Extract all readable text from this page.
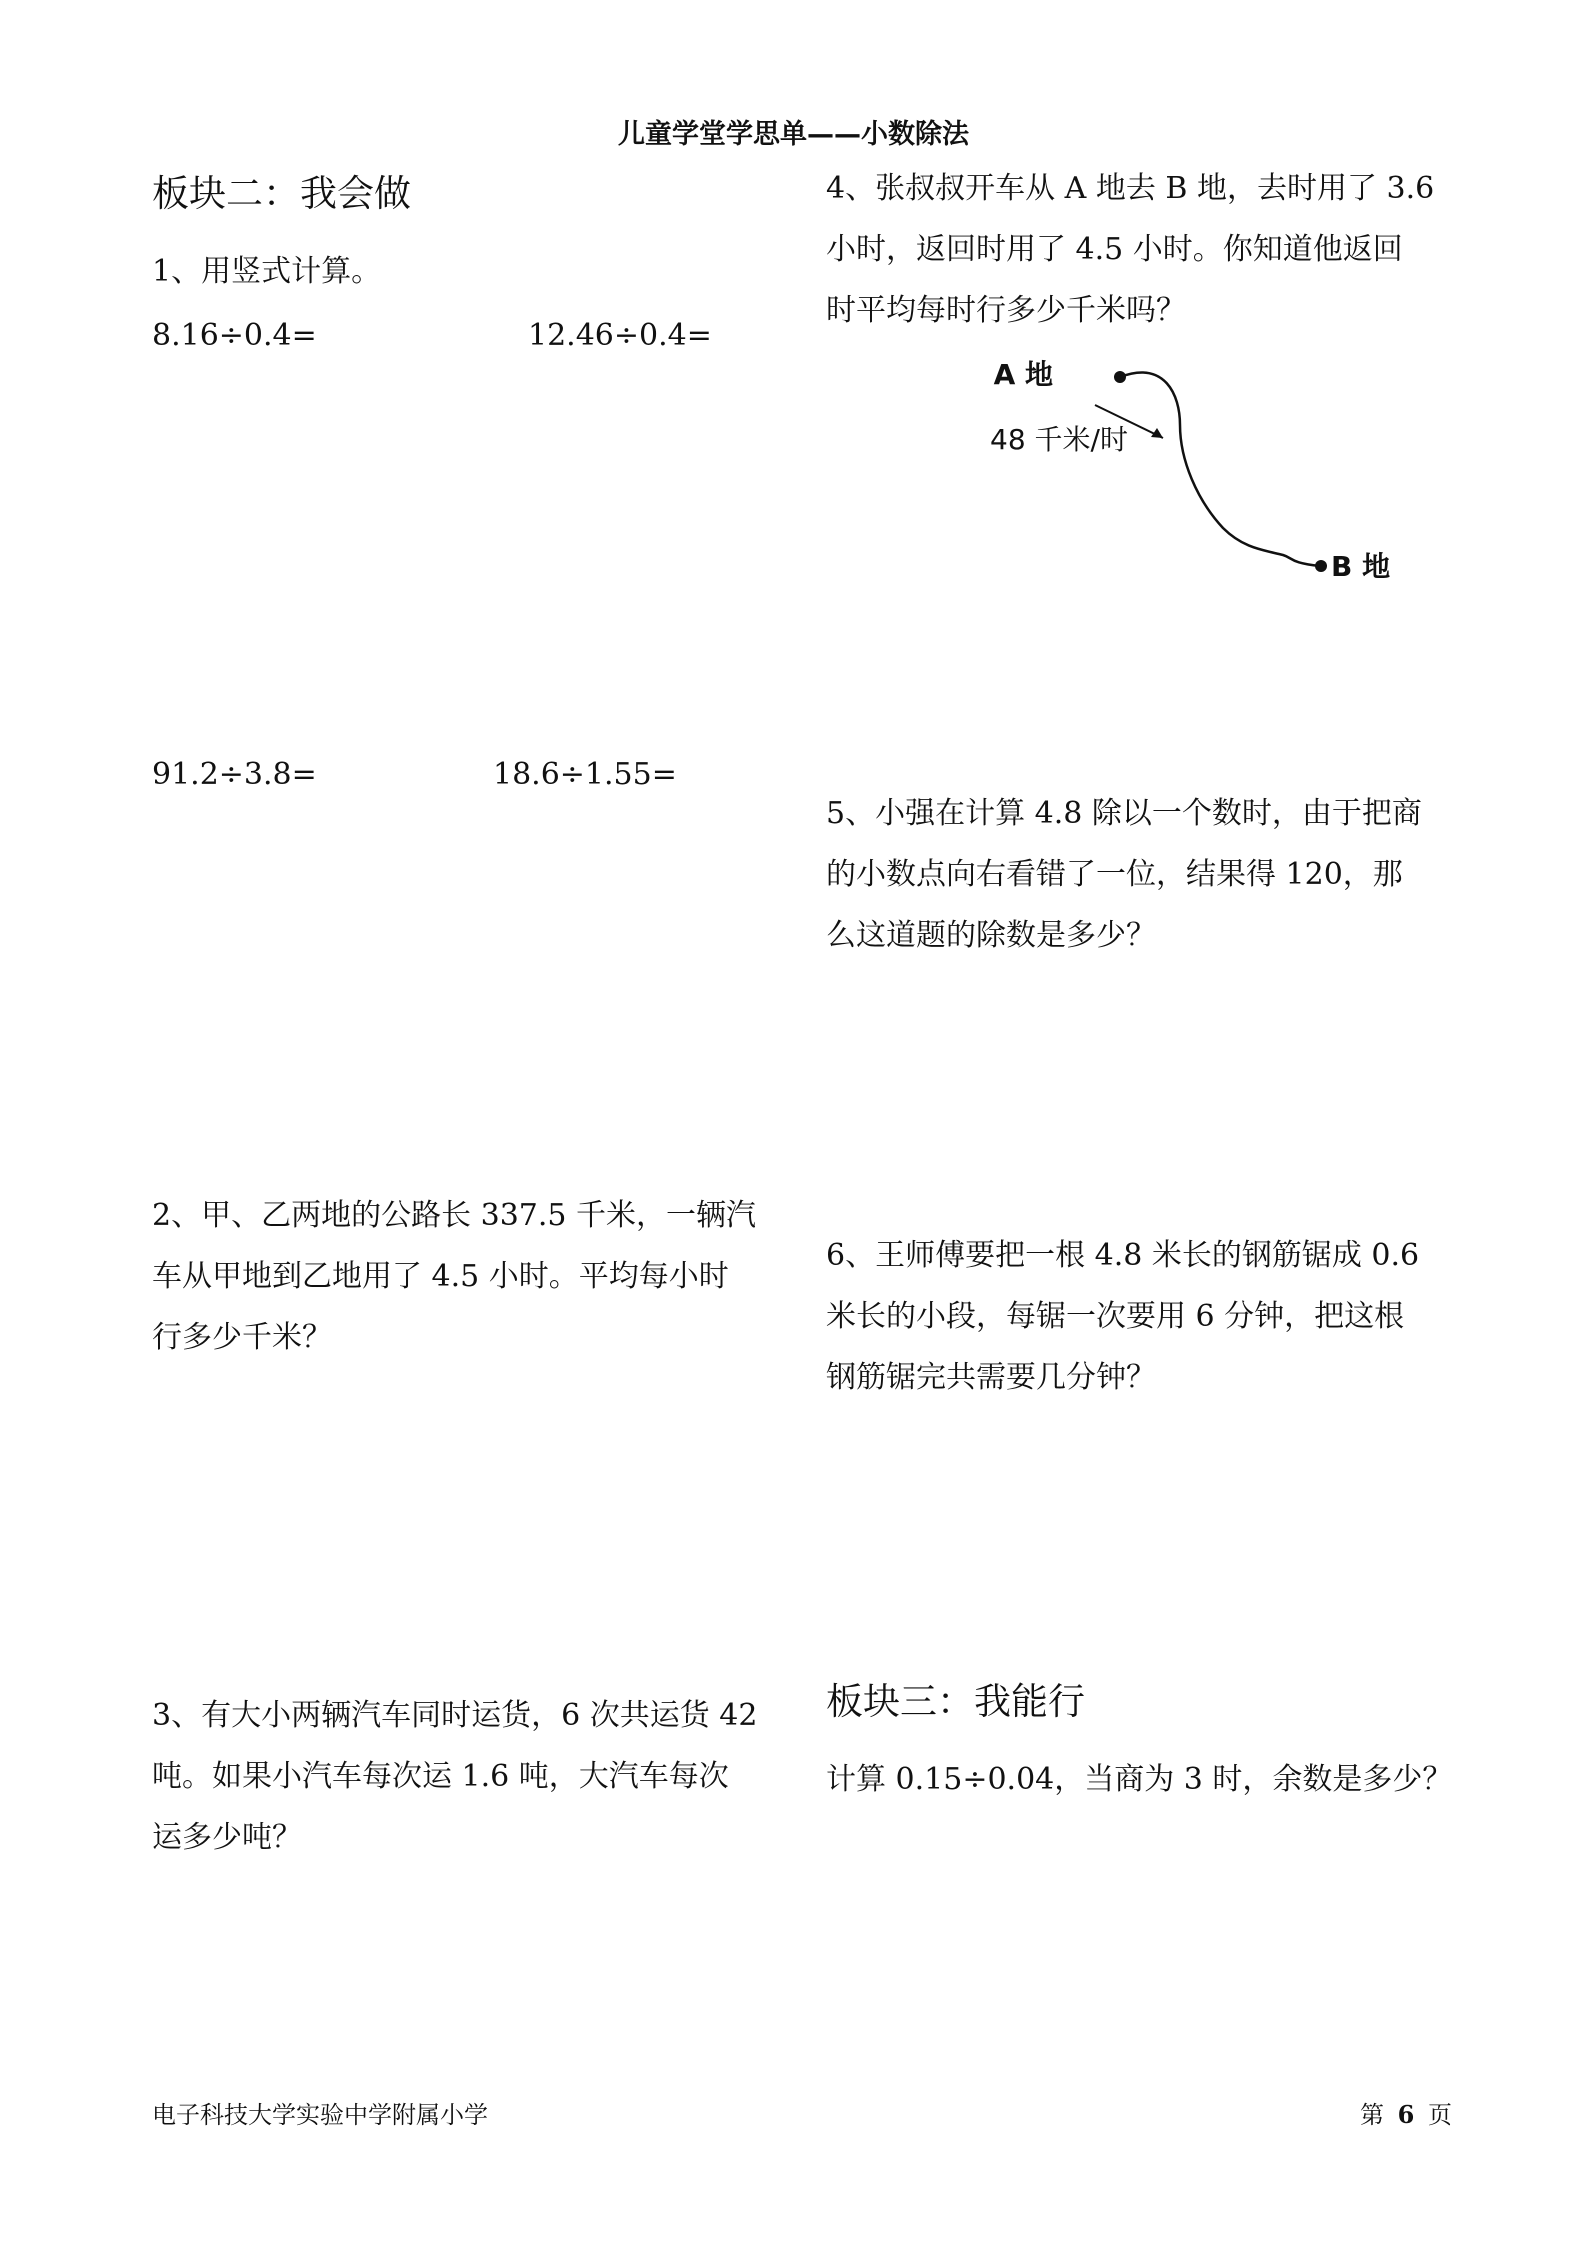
儿童学堂学思单——小数除法
板块二：我会做
1、用竖式计算。
8.16÷0.4=	12.46÷0.4=
91.2÷3.8=	18.6÷1.55=
2、甲、乙两地的公路长 337.5 千米，一辆汽
车从甲地到乙地用了 4.5 小时。平均每小时
行多少千米？
3、有大小两辆汽车同时运货，6 次共运货 42
吨。如果小汽车每次运 1.6 吨，大汽车每次
运多少吨？
4、张叔叔开车从 A 地去 B 地，去时用了 3.6
小时，返回时用了 4.5 小时。你知道他返回
时平均每时行多少千米吗？
A 地
B 地
48 千米/时
5、小强在计算 4.8 除以一个数时，由于把商
的小数点向右看错了一位，结果得 120，那
么这道题的除数是多少？
6、王师傅要把一根 4.8 米长的钢筋锯成 0.6
米长的小段，每锯一次要用 6 分钟，把这根
钢筋锯完共需要几分钟？
板块三：我能行
计算 0.15÷0.04，当商为 3 时，余数是多少？
电子科技大学实验中学附属小学	第 6 页
